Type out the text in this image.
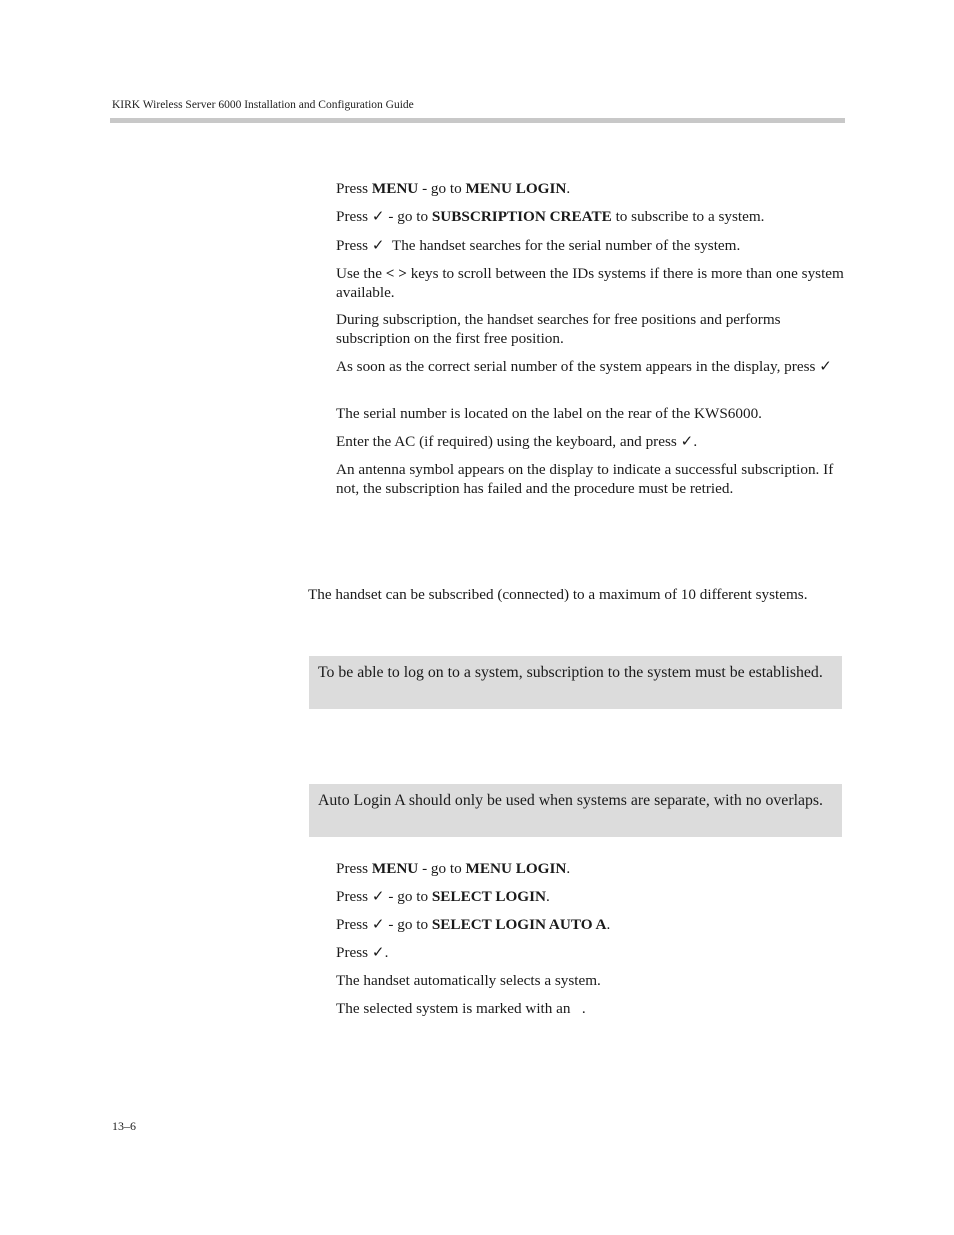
KIRK Wireless Server 6000 Installation and Configuration Guide

Press MENU - go to MENU LOGIN.

Press ✓ - go to SUBSCRIPTION CREATE to subscribe to a system.

Press ✓  The handset searches for the serial number of the system.

Use the < > keys to scroll between the IDs systems if there is more than one system available.

During subscription, the handset searches for free positions and performs subscription on the first free position.

As soon as the correct serial number of the system appears in the display, press ✓

The serial number is located on the label on the rear of the KWS6000.

Enter the AC (if required) using the keyboard, and press ✓.

An antenna symbol appears on the display to indicate a successful subscription. If not, the subscription has failed and the procedure must be retried.

The handset can be subscribed (connected) to a maximum of 10 different systems.

To be able to log on to a system, subscription to the system must be established.
Auto Login A should only be used when systems are separate, with no overlaps.

Press MENU - go to MENU LOGIN.

Press ✓ - go to SELECT LOGIN.

Press ✓ - go to SELECT LOGIN AUTO A.

Press ✓.

The handset automatically selects a system.

The selected system is marked with an   .

13–6
